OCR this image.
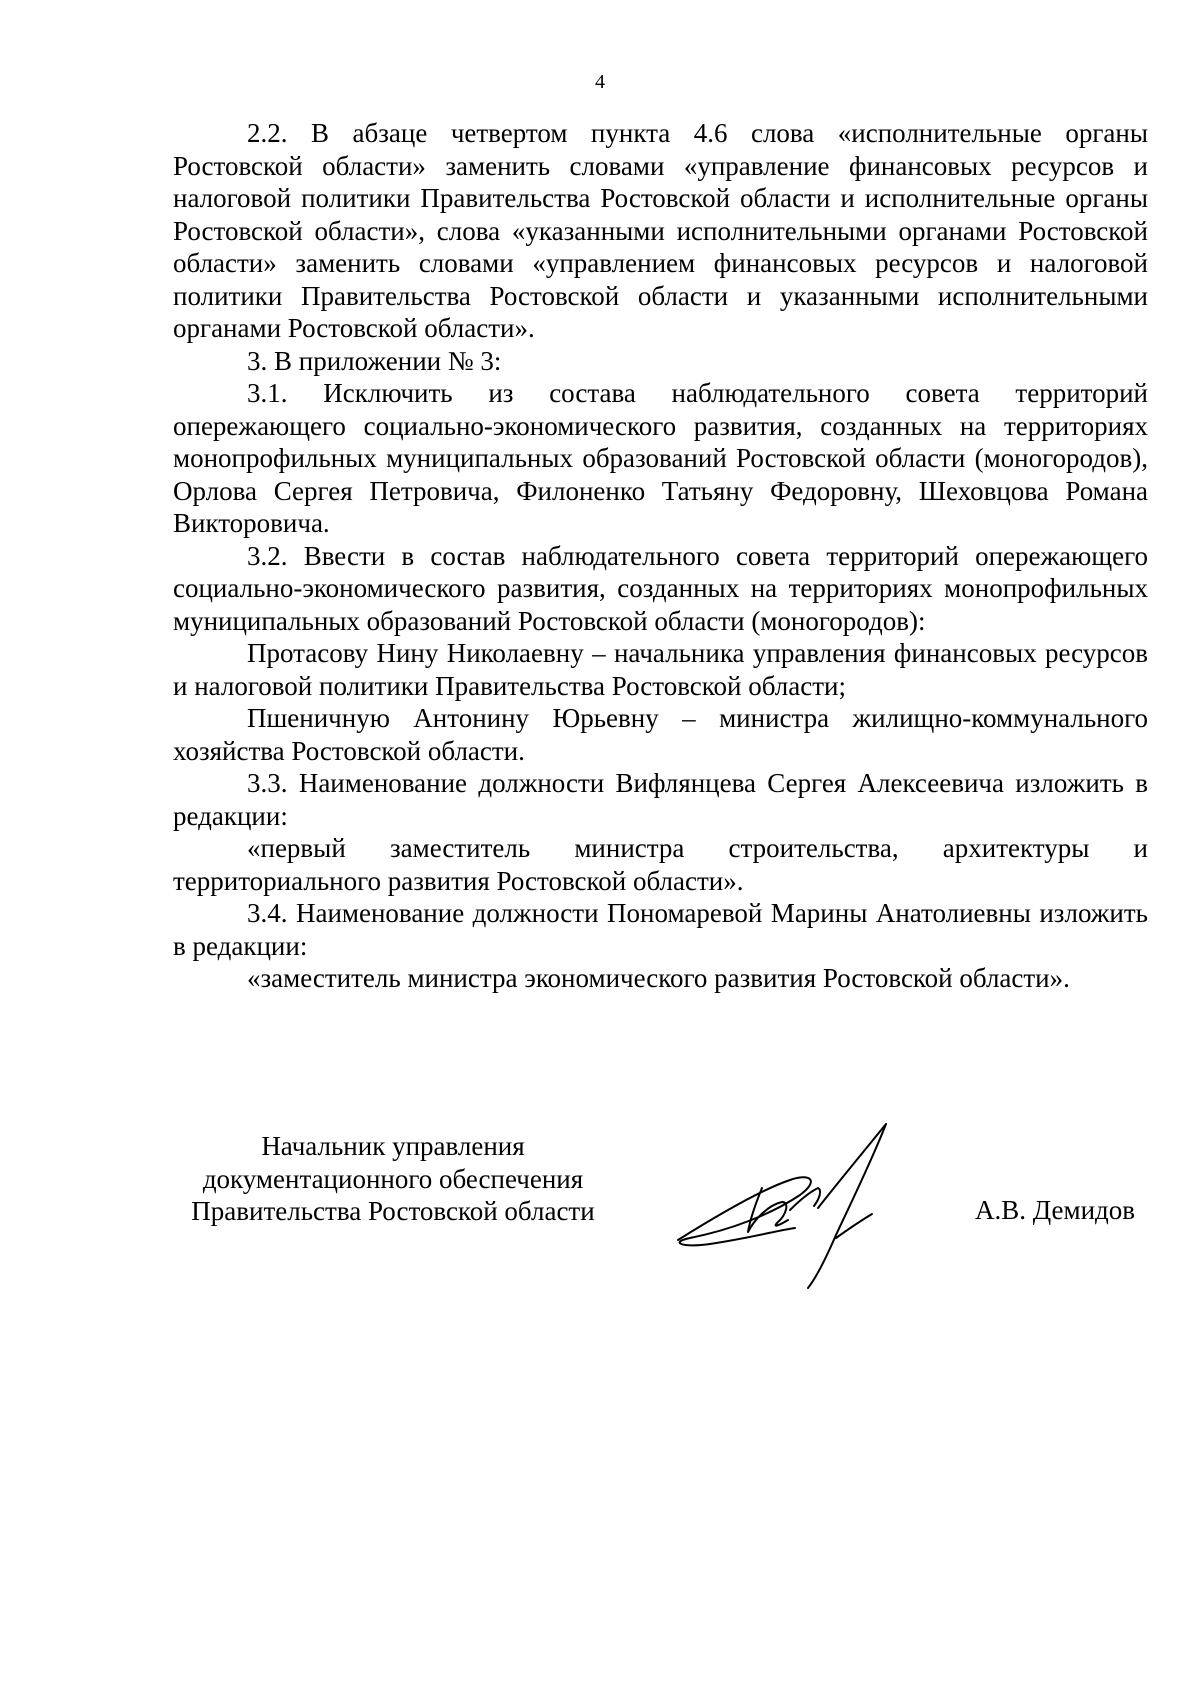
4

2.2. В абзаце четвертом пункта 4.6 слова «исполнительные органы Ростовской области» заменить словами «управление финансовых ресурсов и налоговой политики Правительства Ростовской области и исполнительные органы Ростовской области», слова «указанными исполнительными органами Ростовской области» заменить словами «управлением финансовых ресурсов и налоговой политики Правительства Ростовской области и указанными исполнительными органами Ростовской области».

3. В приложении № 3:

3.1. Исключить из состава наблюдательного совета территорий опережающего социально-экономического развития, созданных на территориях монопрофильных муниципальных образований Ростовской области (моногородов), Орлова Сергея Петровича, Филоненко Татьяну Федоровну, Шеховцова Романа Викторовича.

3.2. Ввести в состав наблюдательного совета территорий опережающего социально-экономического развития, созданных на территориях монопрофильных муниципальных образований Ростовской области (моногородов):

Протасову Нину Николаевну – начальника управления финансовых ресурсов и налоговой политики Правительства Ростовской области;

Пшеничную Антонину Юрьевну – министра жилищно-коммунального хозяйства Ростовской области.

3.3. Наименование должности Вифлянцева Сергея Алексеевича изложить в редакции:

«первый заместитель министра строительства, архитектуры и территориального развития Ростовской области».

3.4. Наименование должности Пономаревой Марины Анатолиевны изложить в редакции:

«заместитель министра экономического развития Ростовской области».

Начальник управления
документационного обеспечения
Правительства Ростовской области	А.В. Демидов
